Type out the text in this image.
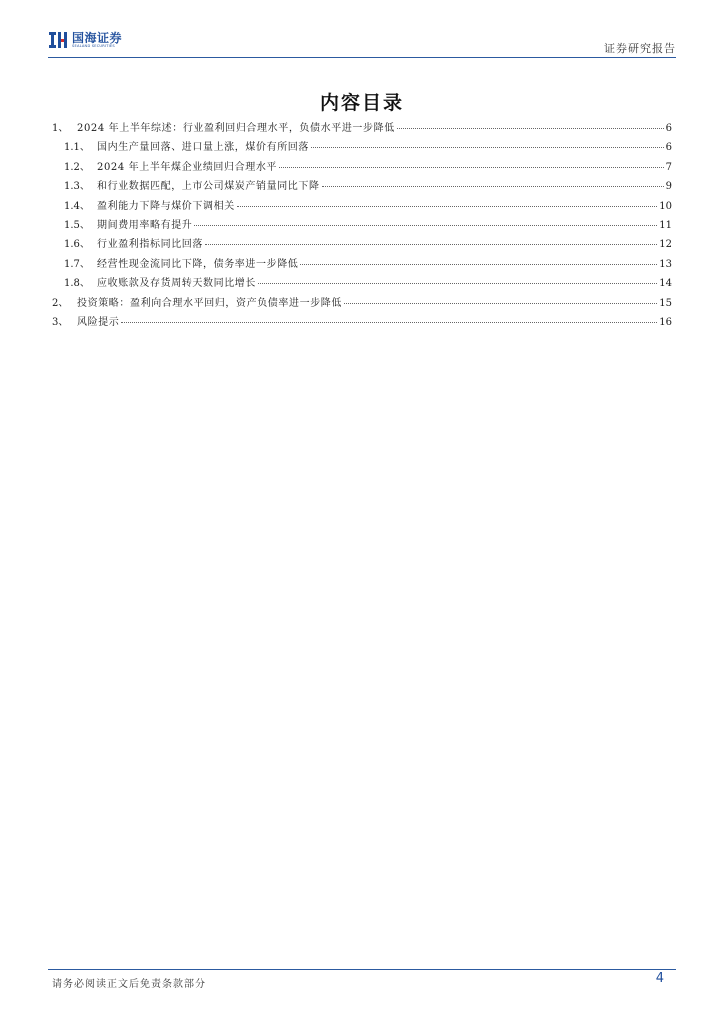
国海证券
SEALAND SECURITIES	证券研究报告
内容目录
1、 2024 年上半年综述：行业盈利回归合理水平，负债水平进一步降低	6
1.1、 国内生产量回落、进口量上涨，煤价有所回落	6
1.2、 2024 年上半年煤企业绩回归合理水平	7
1.3、 和行业数据匹配，上市公司煤炭产销量同比下降	9
1.4、 盈利能力下降与煤价下调相关	10
1.5、 期间费用率略有提升	11
1.6、 行业盈利指标同比回落	12
1.7、 经营性现金流同比下降，债务率进一步降低	13
1.8、 应收账款及存货周转天数同比增长	14
2、 投资策略：盈利向合理水平回归，资产负债率进一步降低	15
3、 风险提示	16
请务必阅读正文后免责条款部分	4
